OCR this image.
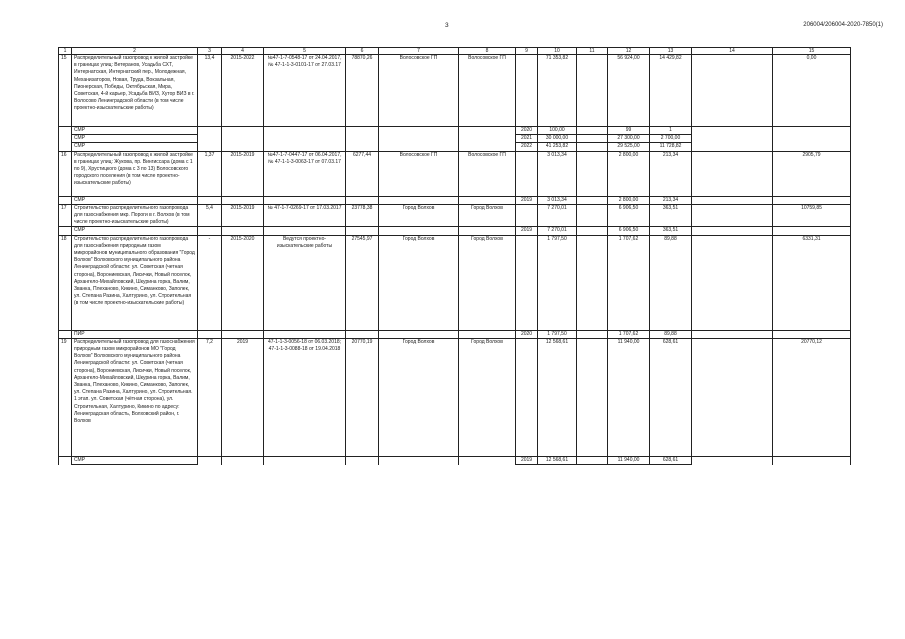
3	206004/206004-2020-7850(1)
1	2	3	4	5	6	7	8	9	10	11	12	13	14	15
15	Распределительный газопровод к жилой застройке в границах улиц: Ветеранов, Усадьба СХТ, Интернатская, Интернатский пер., Молодежная, Механизаторов, Новая, Труда, Вокзальная, Пионерская, Победы, Октябрьская, Мира, Советская, 4-й карьер, Усадьба ВИЗ, Хутор ВИЗ в г. Волосово Ленинградской области (в том числе проектно-изыскательские работы)	13,4	2015-2022	№47-1-7-0548-17 от 24.04.2017, № 47-1-1-3-0101-17 от 27.03.17	78870,26	Волосовское ГП	Волосовское ГП		71 353,82		56 924,00	14 429,82		0,00
	СМР							2020	100,00		99	1		
	СМР							2021	30 000,00		27 300,00	2 700,00		
	СМР							2022	41 253,82		29 525,00	11 728,82		
16	Распределительный газопровод к жилой застройке в границах улиц: Жукова, пр. Вингиссара (дома с 1 по 9), Хрустицкого (дома с 3 по 13) Волосовского городского поселения (в том числе проектно-изыскательские работы)	1,37	2015-2019	№47-1-7-0447-17 от 06.04.2017, № 47-1-1-3-0063-17 от 07.03.17	6277,44	Волосовское ГП	Волосовское ГП		3 013,34		2 800,00	213,34		2905,79
	СМР							2019	3 013,34		2 800,00	213,34		
17	Строительство распределительного газопровода для газоснабжения мкр. Пороги в г. Волхов (в том числе проектно-изыскательские работы)	5,4	2015-2019	№ 47-1-7-0269-17 от 17.03.2017	23778,38	Город Волхов	Город Волхов		7 270,01		6 906,50	363,51		10759,85
	СМР							2019	7 270,01		6 906,50	363,51		
18	Строительство распределительного газопровода для газоснабжения природным газом микрорайонов муниципального образования "Город Волхов" Волховского муниципального района Ленинградской области: ул. Советская (четная сторона), Ворониевская, Лисички, Новый поселок, Архангело-Михайловский, Шкурина горка, Валим, Званка, Плеханово, Кикино, Симанково, Заполек, ул. Степана Разина, Халтурино, ул. Строительная (в том числе проектно-изыскательские работы)	-	2015-2020	Ведутся проектно-изыскательские работы	27545,97	Город Волхов	Город Волхов		1 797,50		1 707,62	89,88		6331,31
	ПИР							2020	1 797,50		1 707,62	89,88		
19	Распределительный газопровод для газоснабжения природным газом микрорайонов МО "Город Волхов" Волховского муниципального района Ленинградской области: ул. Советская (четная сторона), Ворониевская, Лисички, Новый поселок, Архангело-Михайловский, Шкурина горка, Валим, Званка, Плеханово, Кикино, Симанково, Заполек, ул. Степана Разина, Халтурино, ул. Строительная. 1 этап. ул. Советская (чётная сторона), ул. Строительная, Халтурино, Кикино по адресу: Ленинградская область, Волховский район, г. Волхов	7,2	2019	47-1-1-3-0056-18 от 06.03.2018; 47-1-1-3-0088-18 от 19.04.2018	20770,19	Город Волхов	Город Волхов		12 568,61		11 940,00	628,61		20770,12
	СМР							2019	12 568,61		11 940,00	628,61		
